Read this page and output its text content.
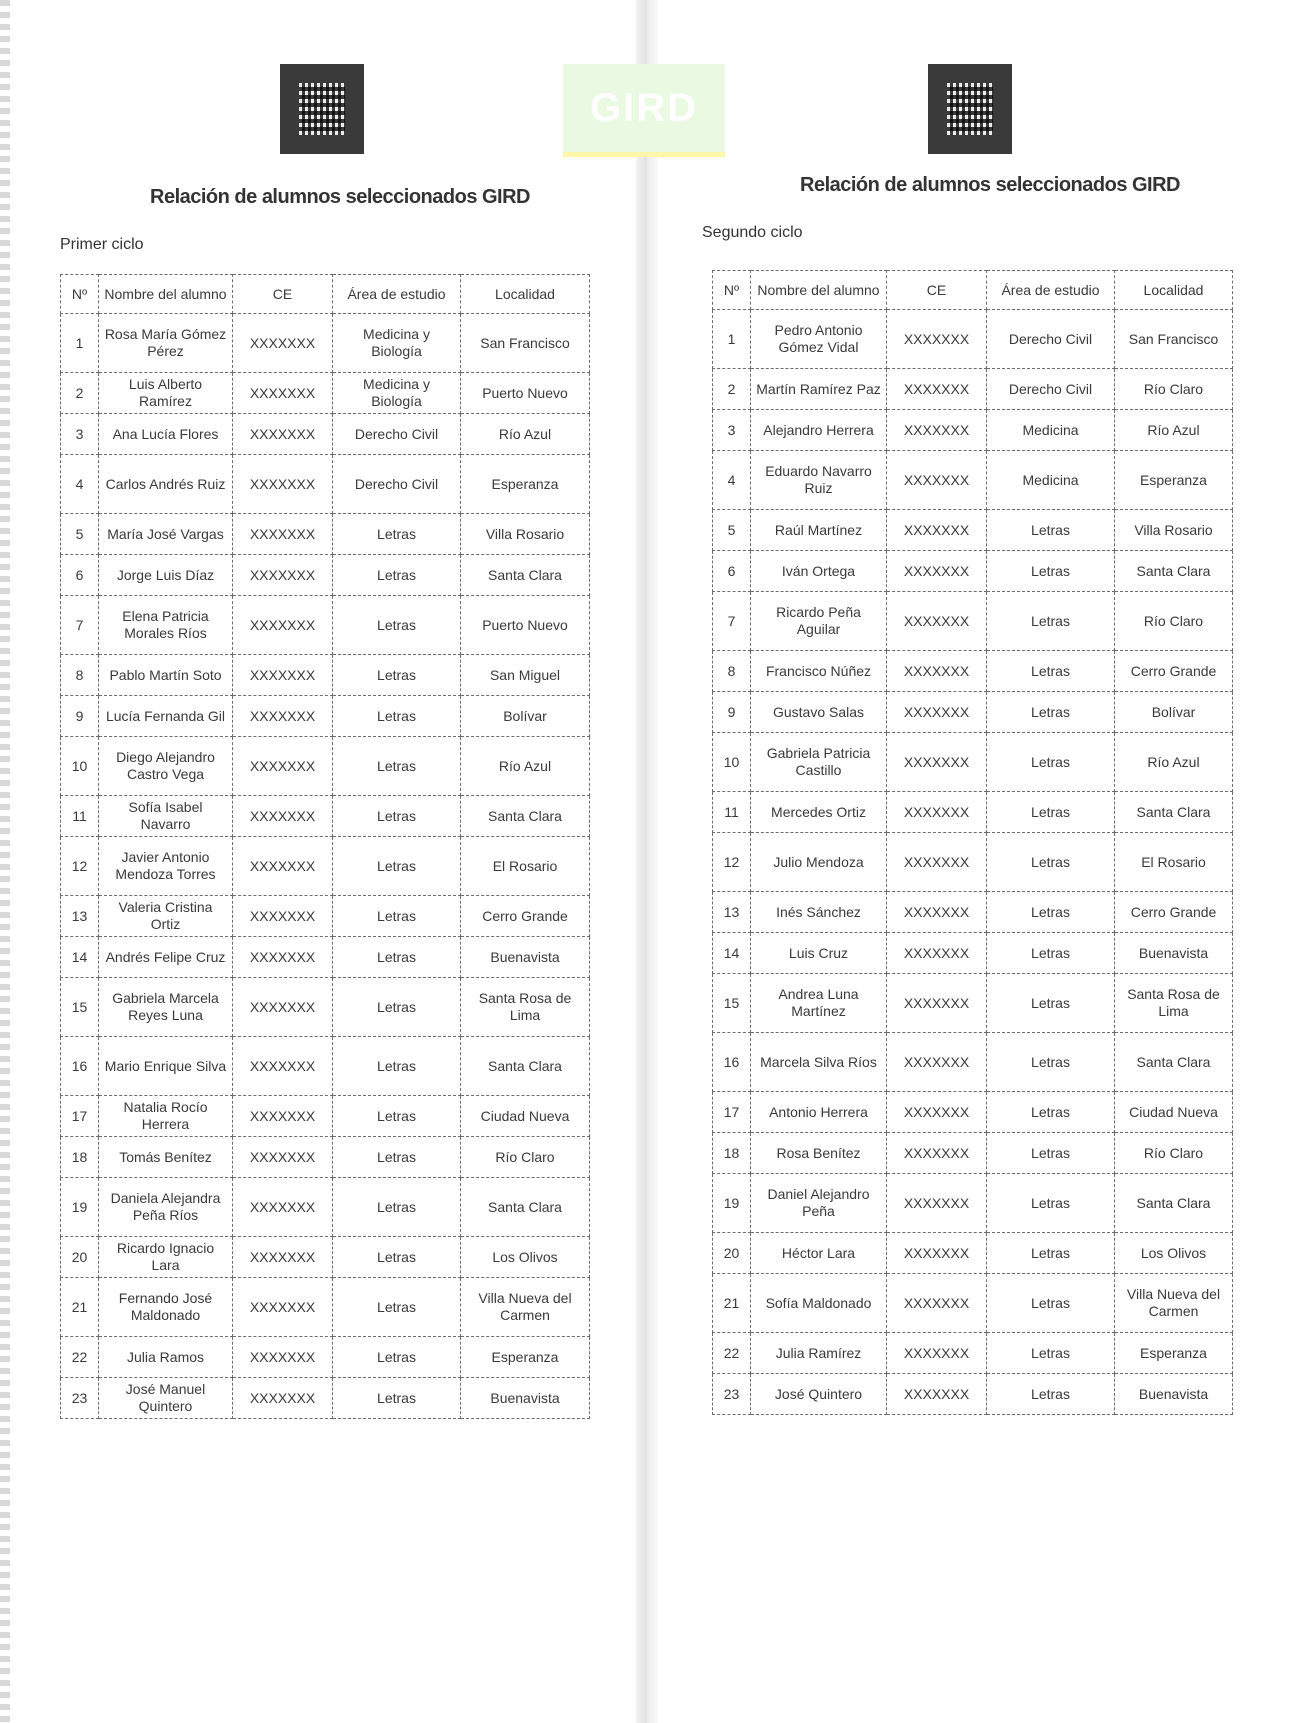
Relación de alumnos seleccionados GIRD
Primer ciclo
Nº	Nombre del alumno	CE	Área de estudio	Localidad
1	Rosa María Gómez Pérez	XXXXXXX	Medicina y Biología	San Francisco
2	Luis Alberto Ramírez	XXXXXXX	Medicina y Biología	Puerto Nuevo
3	Ana Lucía Flores	XXXXXXX	Derecho Civil	Río Azul
4	Carlos Andrés Ruiz	XXXXXXX	Derecho Civil	Esperanza
5	María José Vargas	XXXXXXX	Letras	Villa Rosario
6	Jorge Luis Díaz	XXXXXXX	Letras	Santa Clara
7	Elena Patricia Morales Ríos	XXXXXXX	Letras	Puerto Nuevo
8	Pablo Martín Soto	XXXXXXX	Letras	San Miguel
9	Lucía Fernanda Gil	XXXXXXX	Letras	Bolívar
10	Diego Alejandro Castro Vega	XXXXXXX	Letras	Río Azul
11	Sofía Isabel Navarro	XXXXXXX	Letras	Santa Clara
12	Javier Antonio Mendoza Torres	XXXXXXX	Letras	El Rosario
13	Valeria Cristina Ortiz	XXXXXXX	Letras	Cerro Grande
14	Andrés Felipe Cruz	XXXXXXX	Letras	Buenavista
15	Gabriela Marcela Reyes Luna	XXXXXXX	Letras	Santa Rosa de Lima
16	Mario Enrique Silva	XXXXXXX	Letras	Santa Clara
17	Natalia Rocío Herrera	XXXXXXX	Letras	Ciudad Nueva
18	Tomás Benítez	XXXXXXX	Letras	Río Claro
19	Daniela Alejandra Peña Ríos	XXXXXXX	Letras	Santa Clara
20	Ricardo Ignacio Lara	XXXXXXX	Letras	Los Olivos
21	Fernando José Maldonado	XXXXXXX	Letras	Villa Nueva del Carmen
22	Julia Ramos	XXXXXXX	Letras	Esperanza
23	José Manuel Quintero	XXXXXXX	Letras	Buenavista
GIRD
Relación de alumnos seleccionados GIRD
Segundo ciclo
Nº	Nombre del alumno	CE	Área de estudio	Localidad
1	Pedro Antonio Gómez Vidal	XXXXXXX	Derecho Civil	San Francisco
2	Martín Ramírez Paz	XXXXXXX	Derecho Civil	Río Claro
3	Alejandro Herrera	XXXXXXX	Medicina	Río Azul
4	Eduardo Navarro Ruiz	XXXXXXX	Medicina	Esperanza
5	Raúl Martínez	XXXXXXX	Letras	Villa Rosario
6	Iván Ortega	XXXXXXX	Letras	Santa Clara
7	Ricardo Peña Aguilar	XXXXXXX	Letras	Río Claro
8	Francisco Núñez	XXXXXXX	Letras	Cerro Grande
9	Gustavo Salas	XXXXXXX	Letras	Bolívar
10	Gabriela Patricia Castillo	XXXXXXX	Letras	Río Azul
11	Mercedes Ortiz	XXXXXXX	Letras	Santa Clara
12	Julio Mendoza	XXXXXXX	Letras	El Rosario
13	Inés Sánchez	XXXXXXX	Letras	Cerro Grande
14	Luis Cruz	XXXXXXX	Letras	Buenavista
15	Andrea Luna Martínez	XXXXXXX	Letras	Santa Rosa de Lima
16	Marcela Silva Ríos	XXXXXXX	Letras	Santa Clara
17	Antonio Herrera	XXXXXXX	Letras	Ciudad Nueva
18	Rosa Benítez	XXXXXXX	Letras	Río Claro
19	Daniel Alejandro Peña	XXXXXXX	Letras	Santa Clara
20	Héctor Lara	XXXXXXX	Letras	Los Olivos
21	Sofía Maldonado	XXXXXXX	Letras	Villa Nueva del Carmen
22	Julia Ramírez	XXXXXXX	Letras	Esperanza
23	José Quintero	XXXXXXX	Letras	Buenavista
